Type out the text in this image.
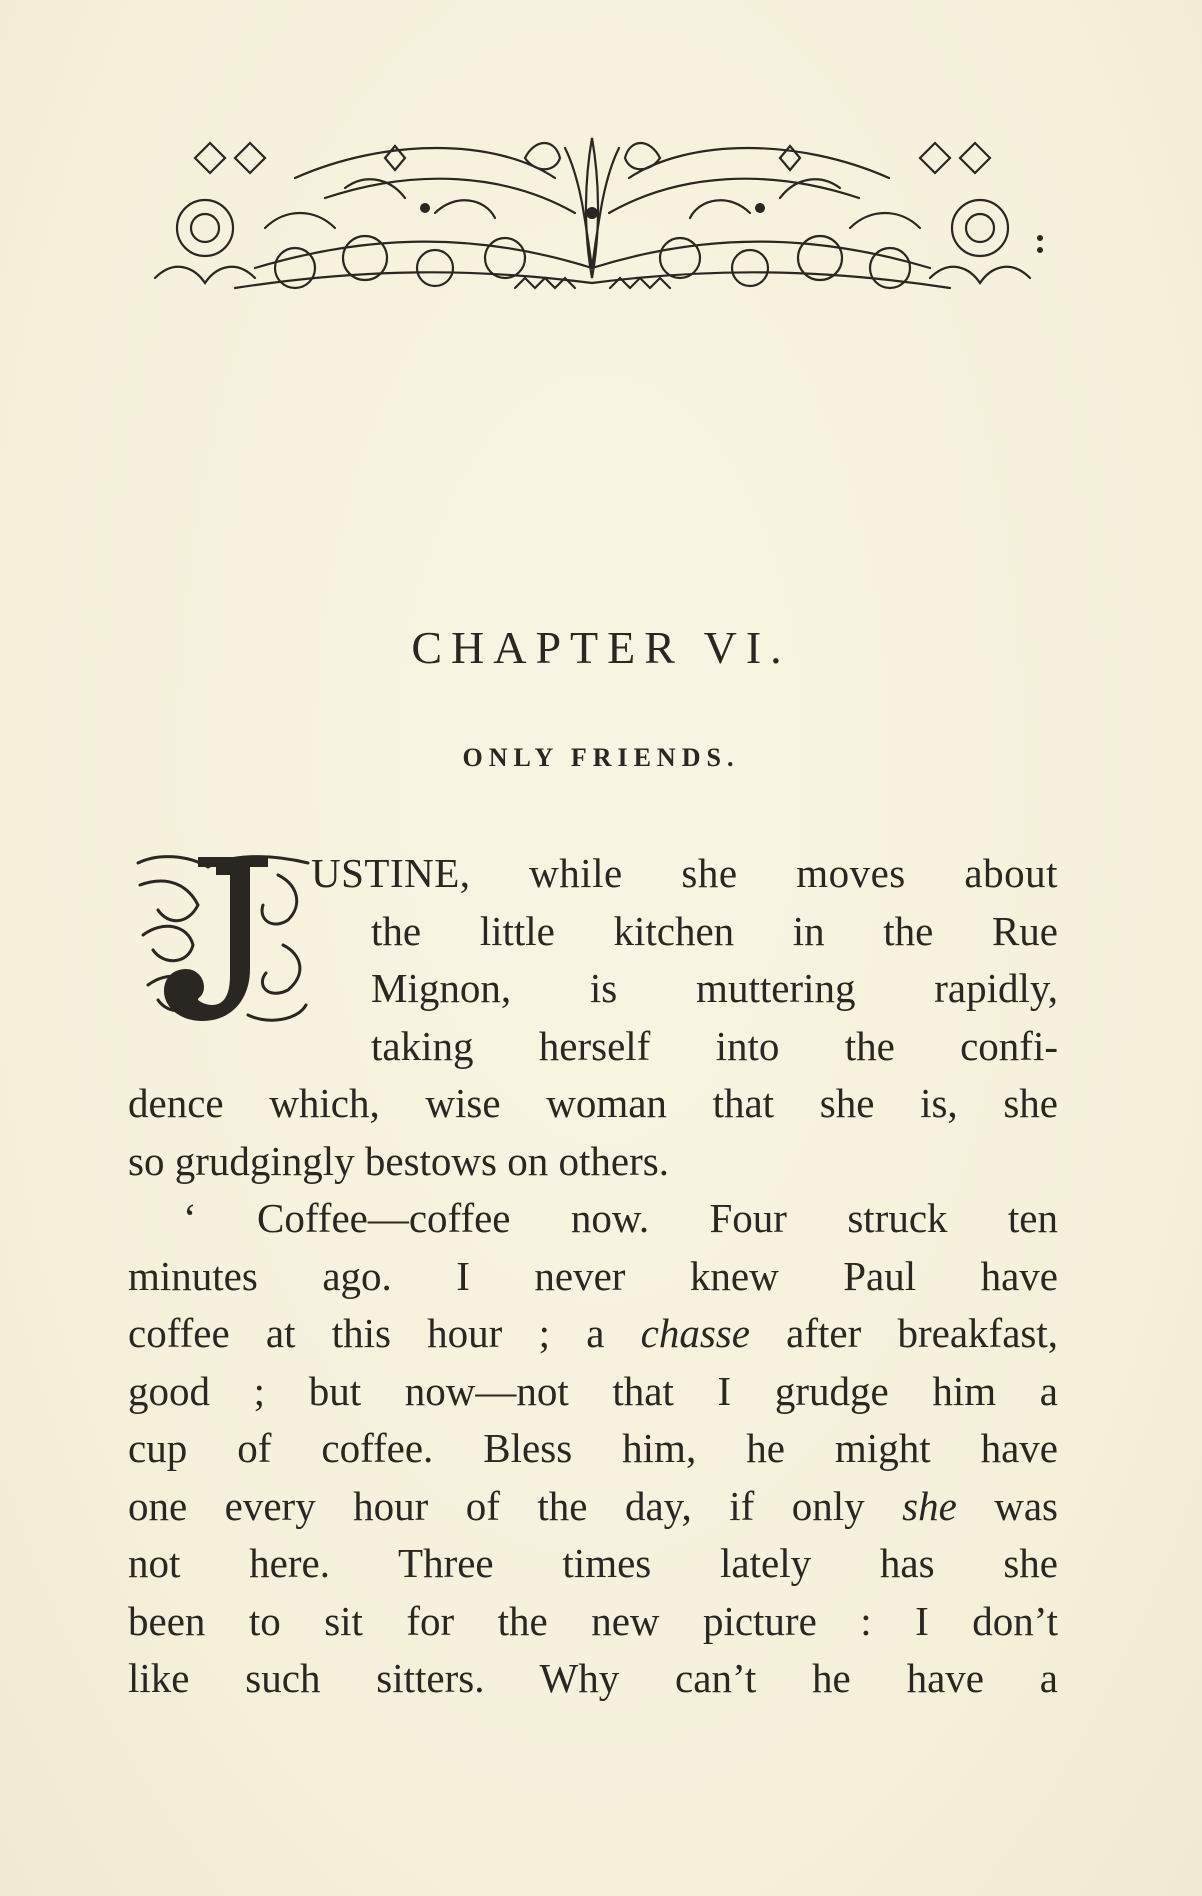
CHAPTER VI.
ONLY FRIENDS.
USTINE, while she moves about
the little kitchen in the Rue
Mignon, is muttering rapidly,
taking herself into the confi-
dence which, wise woman that she is, she
so grudgingly bestows on others.
‘ Coffee—coffee now. Four struck ten
minutes ago. I never knew Paul have
coffee at this hour ; a chasse after breakfast,
good ; but now—not that I grudge him a
cup of coffee. Bless him, he might have
one every hour of the day, if only she was
not here. Three times lately has she
been to sit for the new picture : I don’t
like such sitters. Why can’t he have a
